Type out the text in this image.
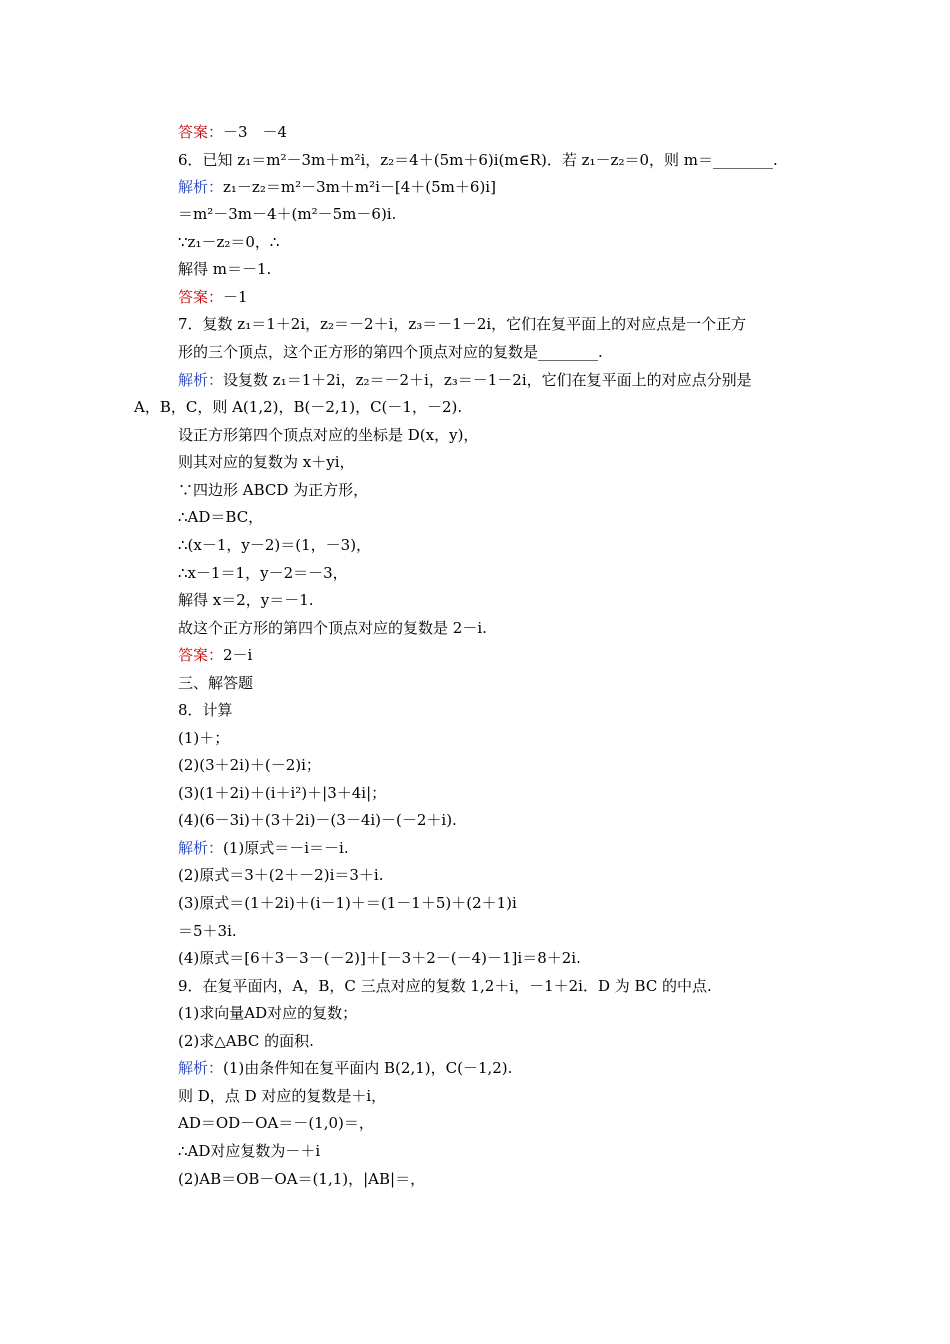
答案：－3　－4
6．已知 z₁＝m²－3m＋m²i，z₂＝4＋(5m＋6)i(m∈R)．若 z₁－z₂＝0，则 m＝________.
解析：z₁－z₂＝m²－3m＋m²i－[4＋(5m＋6)i]
＝m²－3m－4＋(m²－5m－6)i.
∵z₁－z₂＝0，∴
解得 m＝－1.
答案：－1
7．复数 z₁＝1＋2i，z₂＝－2＋i，z₃＝－1－2i，它们在复平面上的对应点是一个正方
形的三个顶点，这个正方形的第四个顶点对应的复数是________.
解析：设复数 z₁＝1＋2i，z₂＝－2＋i，z₃＝－1－2i，它们在复平面上的对应点分别是
A，B，C，则 A(1,2)，B(－2,1)，C(－1，－2).
设正方形第四个顶点对应的坐标是 D(x，y)，
则其对应的复数为 x＋yi，
∵四边形 ABCD 为正方形，
∴AD＝BC，
∴(x－1，y－2)＝(1，－3)，
∴x－1＝1，y－2＝－3，
解得 x＝2，y＝－1.
故这个正方形的第四个顶点对应的复数是 2－i.
答案：2－i
三、解答题
8．计算
(1)＋；
(2)(3＋2i)＋(－2)i；
(3)(1＋2i)＋(i＋i²)＋|3＋4i|；
(4)(6－3i)＋(3＋2i)－(3－4i)－(－2＋i).
解析：(1)原式＝－i＝－i.
(2)原式＝3＋(2＋－2)i＝3＋i.
(3)原式＝(1＋2i)＋(i－1)＋＝(1－1＋5)＋(2＋1)i
＝5＋3i.
(4)原式＝[6＋3－3－(－2)]＋[－3＋2－(－4)－1]i＝8＋2i.
9．在复平面内，A，B，C 三点对应的复数 1,2＋i，－1＋2i．D 为 BC 的中点.
(1)求向量AD对应的复数；
(2)求△ABC 的面积.
解析：(1)由条件知在复平面内 B(2,1)，C(－1,2).
则 D，点 D 对应的复数是＋i，
AD＝OD－OA＝－(1,0)＝，
∴AD对应复数为－＋i
(2)AB＝OB－OA＝(1,1)，|AB|＝，
